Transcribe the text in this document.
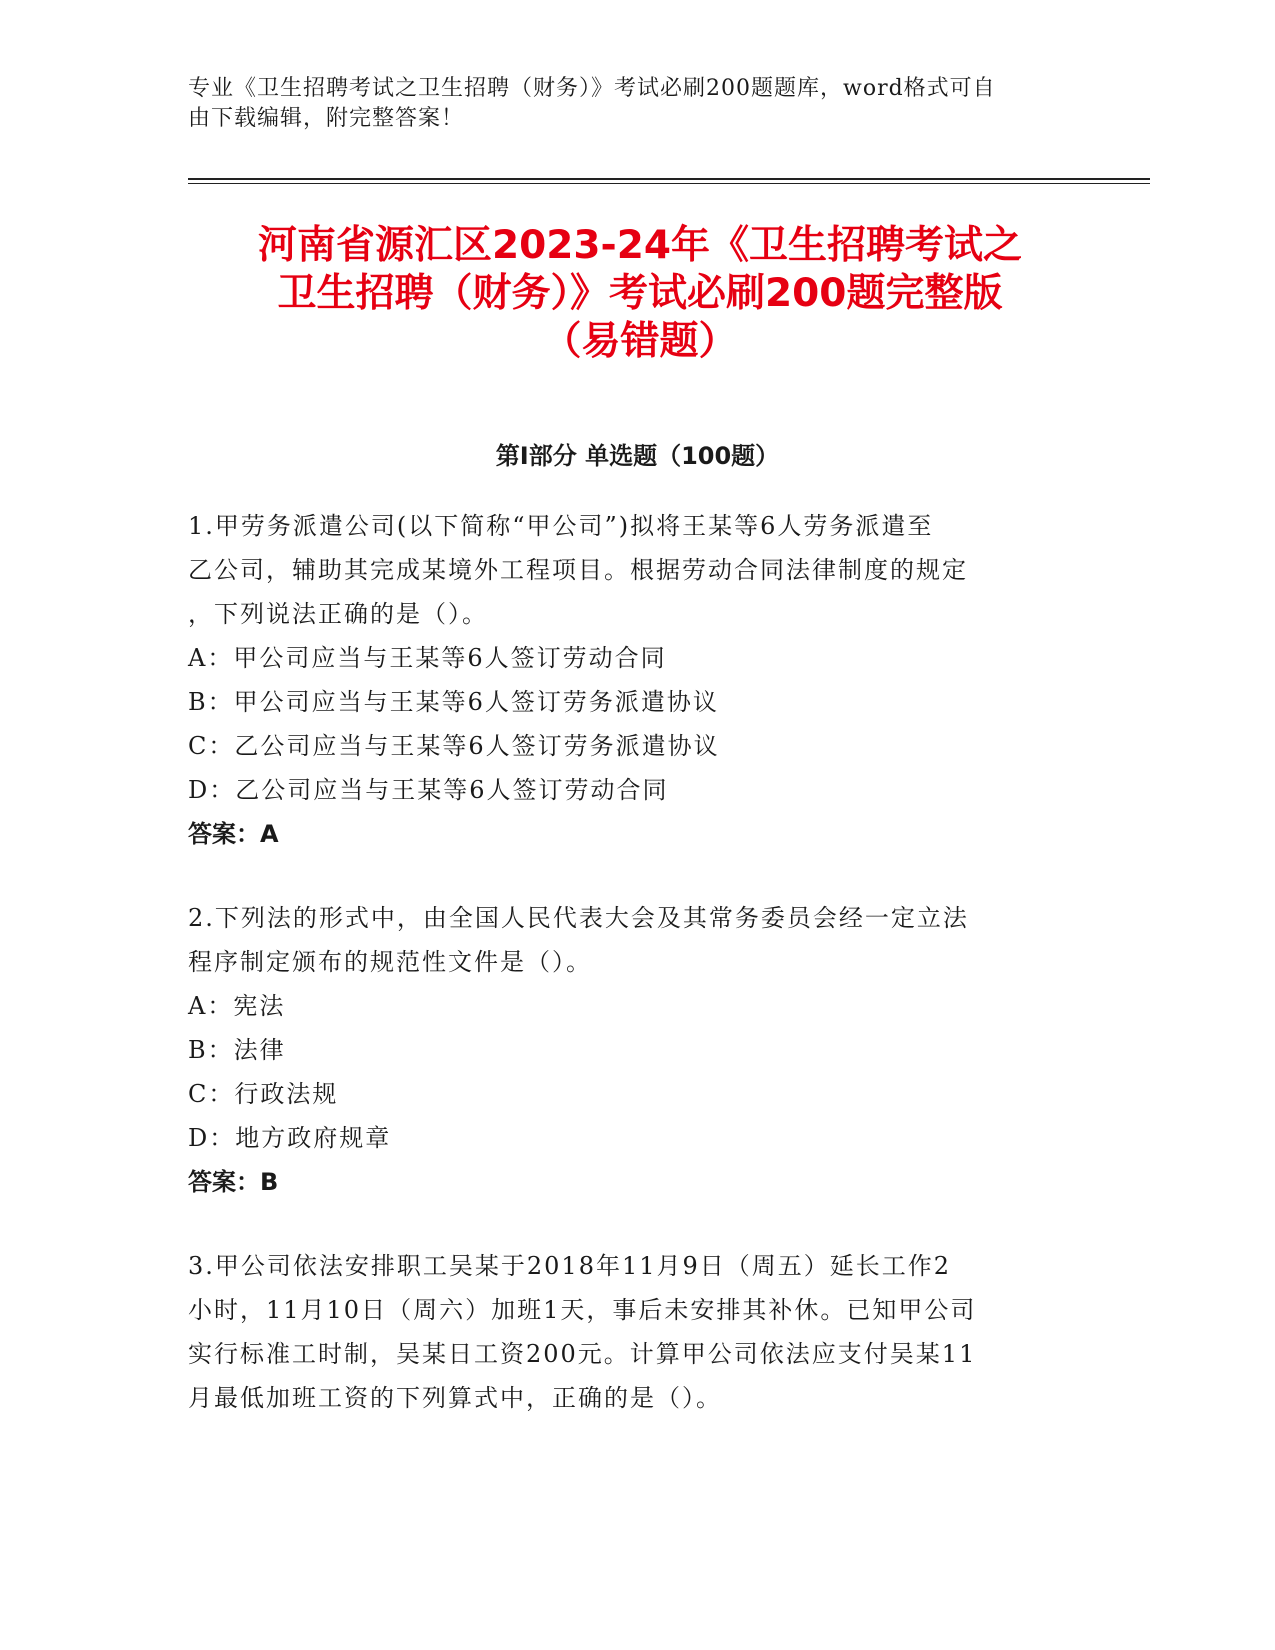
专业《卫生招聘考试之卫生招聘（财务）》考试必刷200题题库，word格式可自
由下载编辑，附完整答案！
河南省源汇区2023-24年《卫生招聘考试之
卫生招聘（财务）》考试必刷200题完整版
（易错题）
第I部分 单选题（100题）
1.甲劳务派遣公司(以下简称“甲公司”)拟将王某等6人劳务派遣至
乙公司，辅助其完成某境外工程项目。根据劳动合同法律制度的规定
，下列说法正确的是（）。
A：甲公司应当与王某等6人签订劳动合同
B：甲公司应当与王某等6人签订劳务派遣协议
C：乙公司应当与王某等6人签订劳务派遣协议
D：乙公司应当与王某等6人签订劳动合同
答案：A
2.下列法的形式中，由全国人民代表大会及其常务委员会经一定立法
程序制定颁布的规范性文件是（）。
A：宪法
B：法律
C：行政法规
D：地方政府规章
答案：B
3.甲公司依法安排职工吴某于2018年11月9日（周五）延长工作2
小时，11月10日（周六）加班1天，事后未安排其补休。已知甲公司
实行标准工时制，吴某日工资200元。计算甲公司依法应支付吴某11
月最低加班工资的下列算式中，正确的是（）。
